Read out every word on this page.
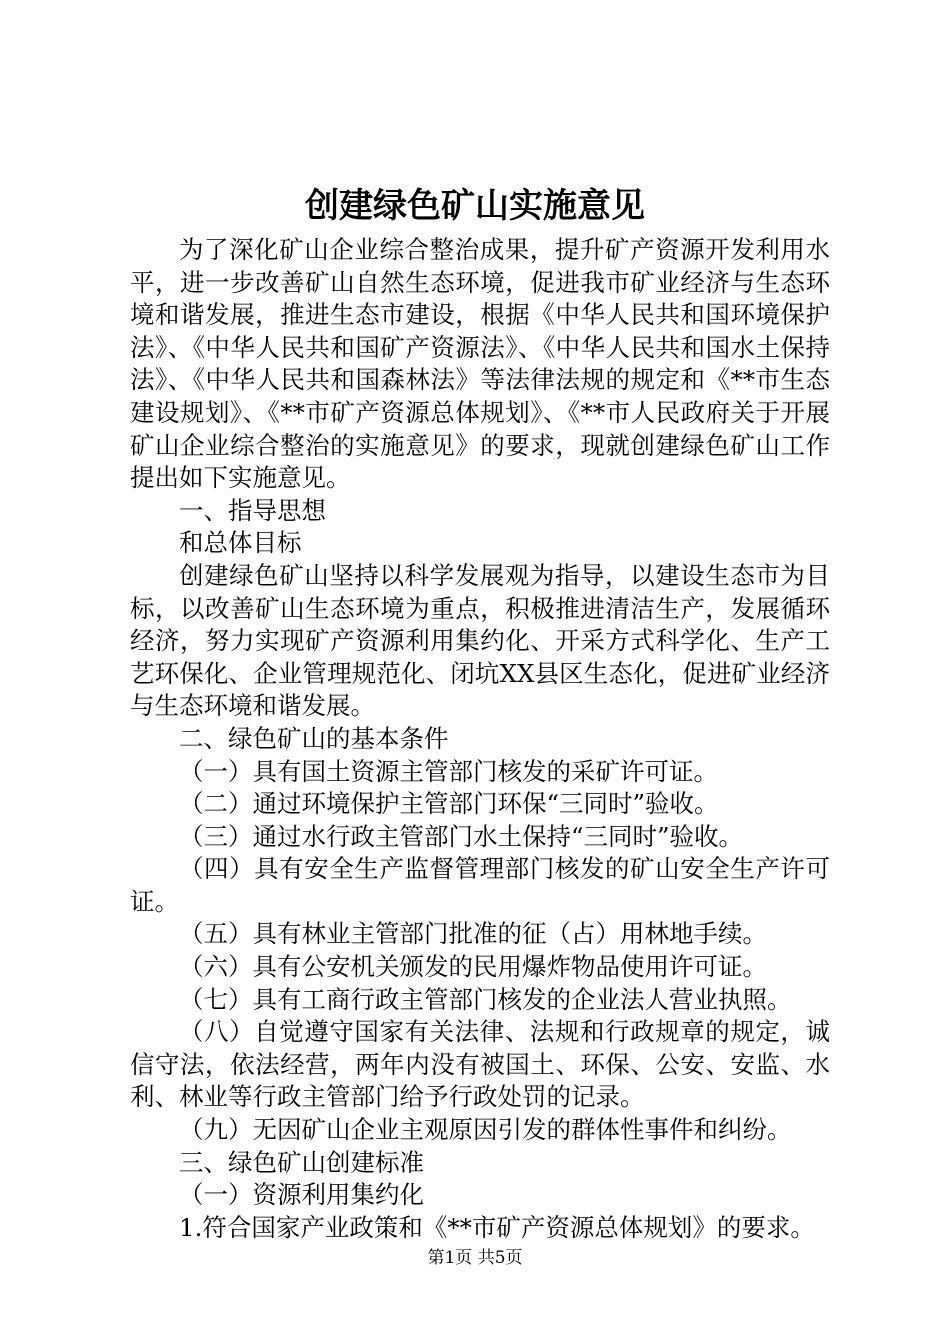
创建绿色矿山实施意见

为了深化矿山企业综合整治成果，提升矿产资源开发利用水平，进一步改善矿山自然生态环境，促进我市矿业经济与生态环境和谐发展，推进生态市建设，根据《中华人民共和国环境保护法》、《中华人民共和国矿产资源法》、《中华人民共和国水土保持法》、《中华人民共和国森林法》等法律法规的规定和《**市生态建设规划》、《**市矿产资源总体规划》、《**市人民政府关于开展矿山企业综合整治的实施意见》的要求，现就创建绿色矿山工作提出如下实施意见。

一、指导思想

和总体目标

创建绿色矿山坚持以科学发展观为指导，以建设生态市为目标，以改善矿山生态环境为重点，积极推进清洁生产，发展循环经济，努力实现矿产资源利用集约化、开采方式科学化、生产工艺环保化、企业管理规范化、闭坑XX县区生态化，促进矿业经济与生态环境和谐发展。

二、绿色矿山的基本条件

（一）具有国土资源主管部门核发的采矿许可证。

（二）通过环境保护主管部门环保“三同时”验收。

（三）通过水行政主管部门水土保持“三同时”验收。

（四）具有安全生产监督管理部门核发的矿山安全生产许可证。

（五）具有林业主管部门批准的征（占）用林地手续。

（六）具有公安机关颁发的民用爆炸物品使用许可证。

（七）具有工商行政主管部门核发的企业法人营业执照。

（八）自觉遵守国家有关法律、法规和行政规章的规定，诚信守法，依法经营，两年内没有被国土、环保、公安、安监、水利、林业等行政主管部门给予行政处罚的记录。

（九）无因矿山企业主观原因引发的群体性事件和纠纷。

三、绿色矿山创建标准

（一）资源利用集约化

1.符合国家产业政策和《**市矿产资源总体规划》的要求。

第1页 共5页
